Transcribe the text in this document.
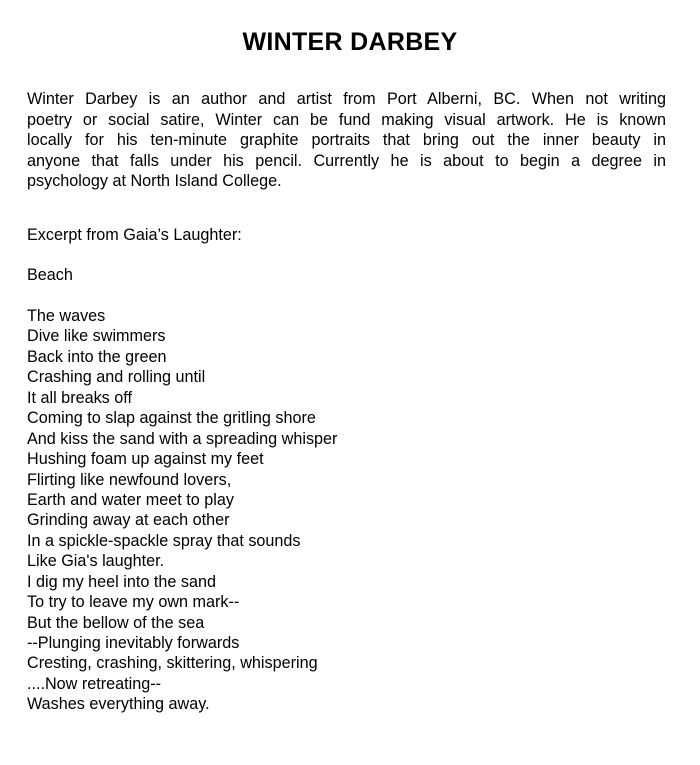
WINTER DARBEY
Winter Darbey is an author and artist from Port Alberni, BC. When not writing
poetry or social satire, Winter can be fund making visual artwork. He is known
locally for his ten-minute graphite portraits that bring out the inner beauty in
anyone that falls under his pencil. Currently he is about to begin a degree in
psychology at North Island College.
Excerpt from Gaia’s Laughter:
Beach
The waves
Dive like swimmers
Back into the green
Crashing and rolling until
It all breaks off
Coming to slap against the gritling shore
And kiss the sand with a spreading whisper
Hushing foam up against my feet
Flirting like newfound lovers,
Earth and water meet to play
Grinding away at each other
In a spickle-spackle spray that sounds
Like Gia's laughter.
I dig my heel into the sand
To try to leave my own mark--
But the bellow of the sea
--Plunging inevitably forwards
Cresting, crashing, skittering, whispering
....Now retreating--
Washes everything away.
